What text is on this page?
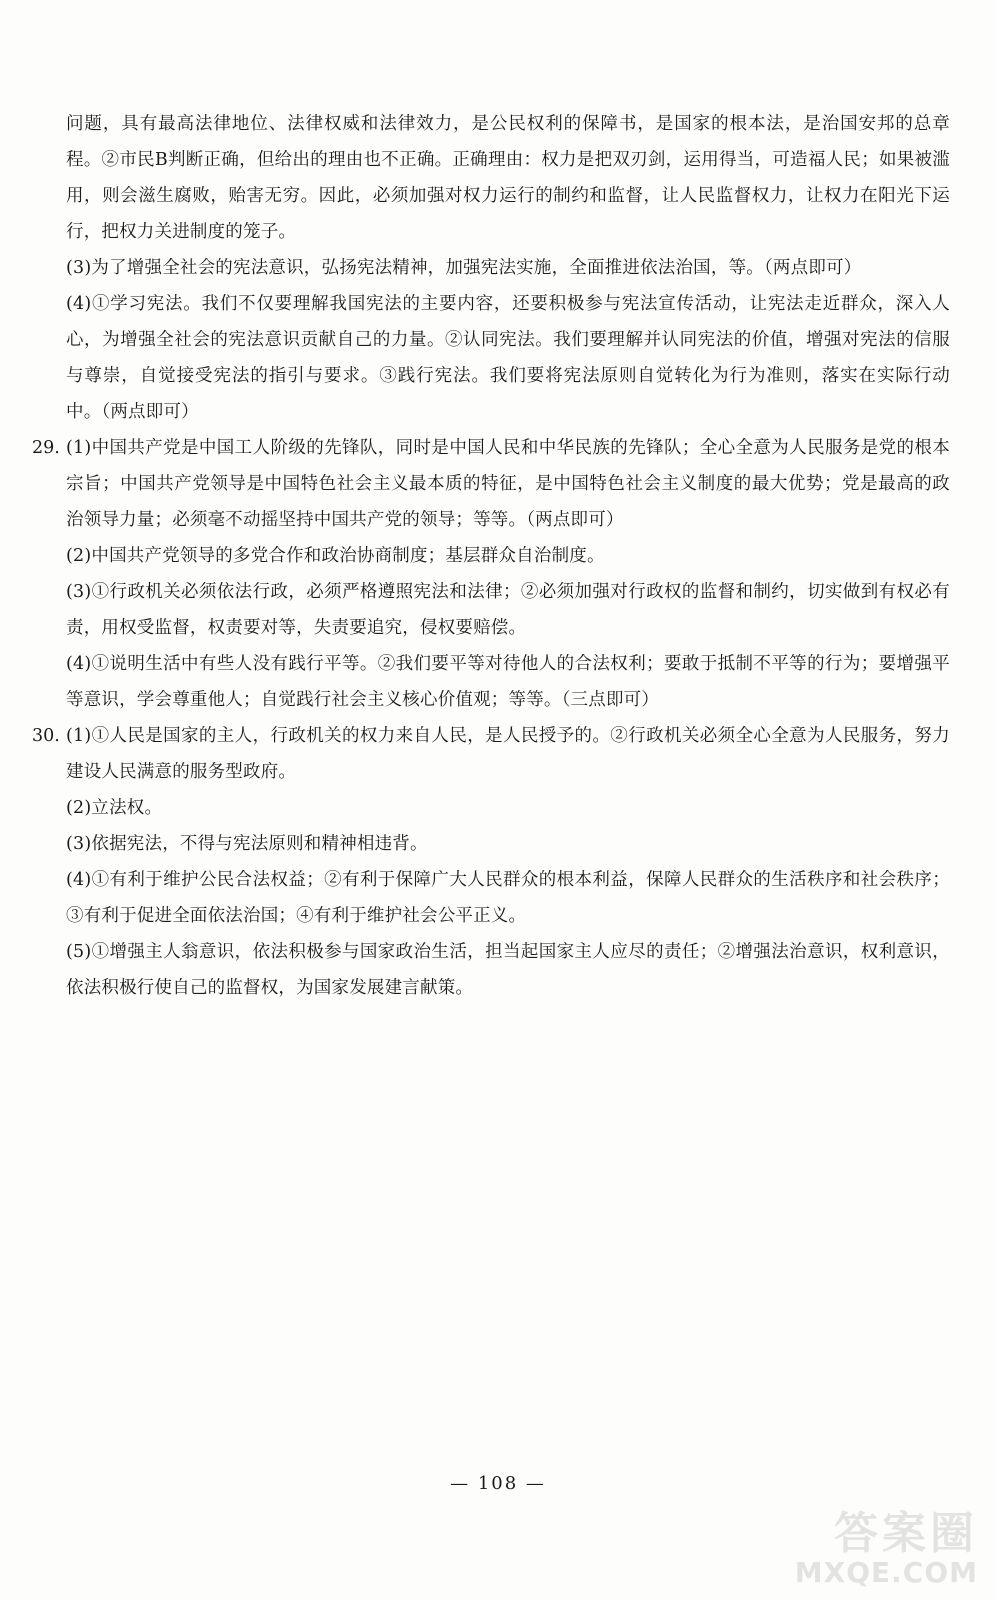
问题，具有最高法律地位、法律权威和法律效力，是公民权利的保障书，是国家的根本法，是治国安邦的总章程。②市民B判断正确，但给出的理由也不正确。正确理由：权力是把双刃剑，运用得当，可造福人民；如果被滥用，则会滋生腐败，贻害无穷。因此，必须加强对权力运行的制约和监督，让人民监督权力，让权力在阳光下运行，把权力关进制度的笼子。

(3)为了增强全社会的宪法意识，弘扬宪法精神，加强宪法实施，全面推进依法治国，等。（两点即可）

(4)①学习宪法。我们不仅要理解我国宪法的主要内容，还要积极参与宪法宣传活动，让宪法走近群众，深入人心，为增强全社会的宪法意识贡献自己的力量。②认同宪法。我们要理解并认同宪法的价值，增强对宪法的信服与尊崇，自觉接受宪法的指引与要求。③践行宪法。我们要将宪法原则自觉转化为行为准则，落实在实际行动中。（两点即可）

29. (1)中国共产党是中国工人阶级的先锋队，同时是中国人民和中华民族的先锋队；全心全意为人民服务是党的根本宗旨；中国共产党领导是中国特色社会主义最本质的特征，是中国特色社会主义制度的最大优势；党是最高的政治领导力量；必须毫不动摇坚持中国共产党的领导；等等。（两点即可）

(2)中国共产党领导的多党合作和政治协商制度；基层群众自治制度。

(3)①行政机关必须依法行政，必须严格遵照宪法和法律；②必须加强对行政权的监督和制约，切实做到有权必有责，用权受监督，权责要对等，失责要追究，侵权要赔偿。

(4)①说明生活中有些人没有践行平等。②我们要平等对待他人的合法权利；要敢于抵制不平等的行为；要增强平等意识，学会尊重他人；自觉践行社会主义核心价值观；等等。（三点即可）

30. (1)①人民是国家的主人，行政机关的权力来自人民，是人民授予的。②行政机关必须全心全意为人民服务，努力建设人民满意的服务型政府。

(2)立法权。

(3)依据宪法，不得与宪法原则和精神相违背。

(4)①有利于维护公民合法权益；②有利于保障广大人民群众的根本利益，保障人民群众的生活秩序和社会秩序；③有利于促进全面依法治国；④有利于维护社会公平正义。

(5)①增强主人翁意识，依法积极参与国家政治生活，担当起国家主人应尽的责任；②增强法治意识，权利意识，依法积极行使自己的监督权，为国家发展建言献策。

— 108 —
答案圈
MXQE.COM
